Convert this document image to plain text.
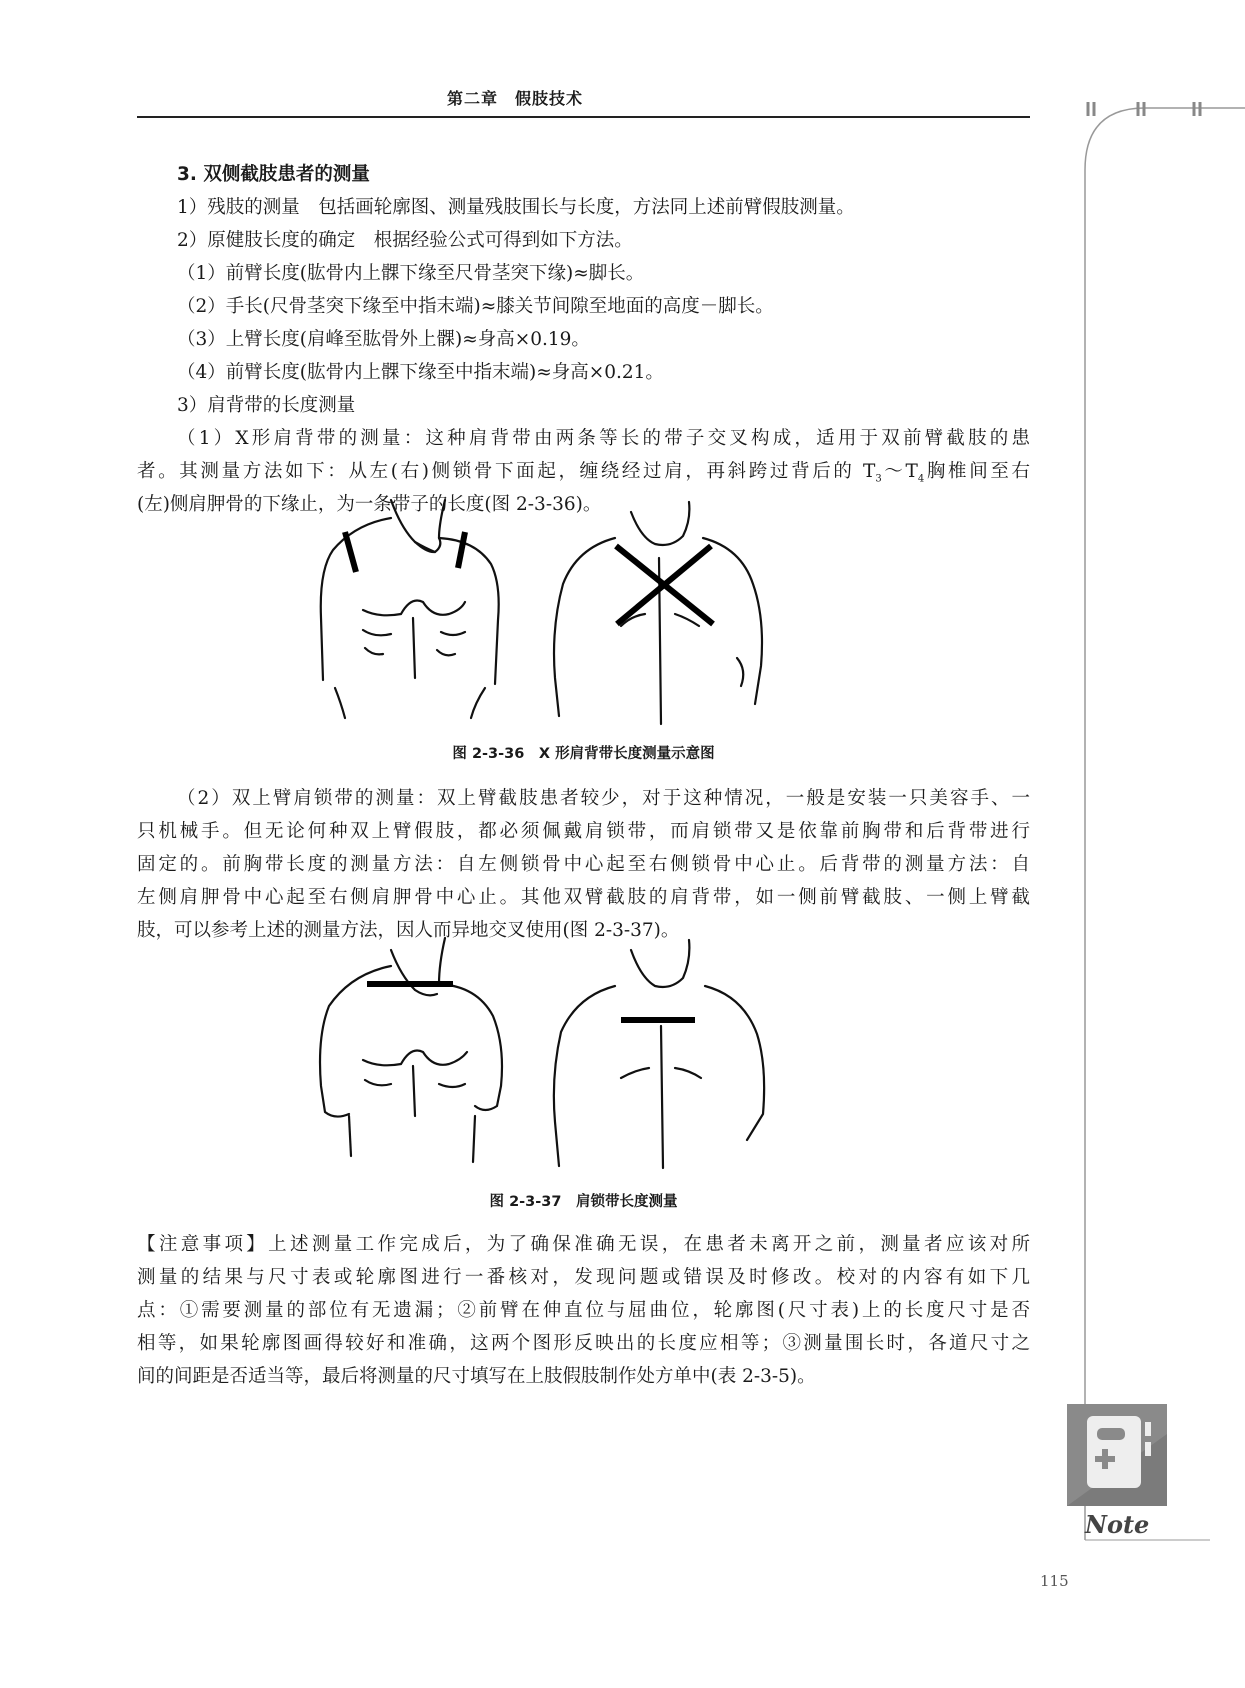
第二章　假肢技术
Note
3. 双侧截肢患者的测量
1）残肢的测量　包括画轮廓图、测量残肢围长与长度，方法同上述前臂假肢测量。
2）原健肢长度的确定　根据经验公式可得到如下方法。
（1）前臂长度(肱骨内上髁下缘至尺骨茎突下缘)≈脚长。
（2）手长(尺骨茎突下缘至中指末端)≈膝关节间隙至地面的高度－脚长。
（3）上臂长度(肩峰至肱骨外上髁)≈身高×0.19。
（4）前臂长度(肱骨内上髁下缘至中指末端)≈身高×0.21。
3）肩背带的长度测量
（1）X形肩背带的测量：这种肩背带由两条等长的带子交叉构成，适用于双前臂截肢的患
者。其测量方法如下：从左(右)侧锁骨下面起，缠绕经过肩，再斜跨过背后的 $T_3\sim T_4$胸椎间至右
(左)侧肩胛骨的下缘止，为一条带子的长度(图 2-3-36)。
图 2-3-36　X 形肩背带长度测量示意图
（2）双上臂肩锁带的测量：双上臂截肢患者较少，对于这种情况，一般是安装一只美容手、一
只机械手。但无论何种双上臂假肢，都必须佩戴肩锁带，而肩锁带又是依靠前胸带和后背带进行
固定的。前胸带长度的测量方法：自左侧锁骨中心起至右侧锁骨中心止。后背带的测量方法：自
左侧肩胛骨中心起至右侧肩胛骨中心止。其他双臂截肢的肩背带，如一侧前臂截肢、一侧上臂截
肢，可以参考上述的测量方法，因人而异地交叉使用(图 2-3-37)。
图 2-3-37　肩锁带长度测量
【注意事项】上述测量工作完成后，为了确保准确无误，在患者未离开之前，测量者应该对所
测量的结果与尺寸表或轮廓图进行一番核对，发现问题或错误及时修改。校对的内容有如下几
点：①需要测量的部位有无遗漏；②前臂在伸直位与屈曲位，轮廓图(尺寸表)上的长度尺寸是否
相等，如果轮廓图画得较好和准确，这两个图形反映出的长度应相等；③测量围长时，各道尺寸之
间的间距是否适当等，最后将测量的尺寸填写在上肢假肢制作处方单中(表 2-3-5)。
115
